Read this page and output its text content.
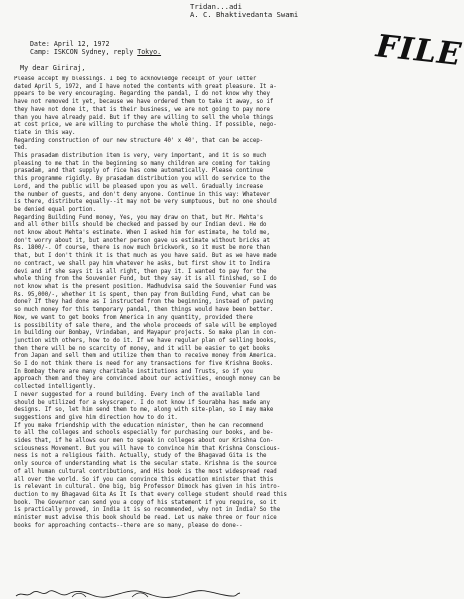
Tridan...adi
A. C. Bhaktivedanta Swami
Date: April 12, 1972
Camp: ISKCON Sydney, reply Tokyo.	FILE
My dear Giriraj,
Please accept my blessings. I beg to acknowledge receipt of your letter
dated April 5, 1972, and I have noted the contents with great pleasure. It a-
ppears to be very encouraging. Regarding the pandal, I do not know why they
have not removed it yet, because we have ordered them to take it away, so if
they have not done it, that is their business, we are not going to pay more
than you have already paid. But if they are willing to sell the whole things
at cost price, we are willing to purchase the whole thing. If possible, nego-
tiate in this way.
Regarding construction of our new structure 40' x 40', that can be accep-
ted.
This prasadam distribution item is very, very important, and it is so much
pleasing to me that in the beginning so many children are coming for taking
prasadam, and that supply of rice has come automatically. Please continue
this programme rigidly. By prasadam distribution you will do service to the
Lord, and the public will be pleased upon you as well. Gradually increase
the number of guests, and don't deny anyone. Continue in this way: Whatever
is there, distribute equally--it may not be very sumptuous, but no one should
be denied equal portion.
Regarding Building Fund money, Yes, you may draw on that, but Mr. Mehta's
and all other bills should be checked and passed by our Indian devi. He do
not know about Mehta's estimate. When I asked him for estimate, he told me,
don't worry about it, but another person gave us estimate without bricks at
Rs. 1800/-. Of course, there is now much brickwork, so it must be more than
that, but I don't think it is that much as you have said. But as we have made
no contract, we shall pay him whatever he asks, but first show it to Indira
devi and if she says it is all right, then pay it. I wanted to pay for the
whole thing from the Souvenier Fund, but they say it is all finished, so I do
not know what is the present position. Madhudvisa said the Souvenier Fund was
Rs. 95,000/-, whether it is spent, then pay from Building Fund, what can be
done? If they had done as I instructed from the beginning, instead of paving
so much money for this temporary pandal, then things would have been better.
Now, we want to get books from America in any quantity, provided there
is possibility of sale there, and the whole proceeds of sale will be employed
in building our Bombay, Vrindaban, and Mayapur projects. So make plan in con-
junction with others, how to do it. If we have regular plan of selling books,
then there will be no scarcity of money, and it will be easier to get books
from Japan and sell them and utilize them than to receive money from America.
So I do not think there is need for any transactions for five Krishna Books.
In Bombay there are many charitable institutions and Trusts, so if you
approach them and they are convinced about our activities, enough money can be
collected intelligently.
I never suggested for a round building. Every inch of the available land
should be utilized for a skyscraper. I do not know if Sourabha has made any
designs. If so, let him send them to me, along with site-plan, so I may make
suggestions and give him direction how to do it.
If you make friendship with the education minister, then he can recommend
to all the colleges and schools especially for purchasing our books, and be-
sides that, if he allows our men to speak in colleges about our Krishna Con-
sciousness Movement. But you will have to convince him that Krishna Conscious-
ness is not a religious faith. Actually, study of the Bhagavad Gita is the
only source of understanding what is the secular state. Krishna is the source
of all human cultural contributions, and His book is the most widespread read
all over the world. So if you can convince this education minister that this
is relevant in cultural. One big, big Professor Dimock has given in his intro-
duction to my Bhagavad Gita As It Is that every college student should read this
book. The Governor can send you a copy of his statement if you require, so it
is practically proved, in India it is so recommended, why not in India? So the
minister must advise this book should be read. Let us make three or four nice
books for approaching contacts--there are so many, please do done--
